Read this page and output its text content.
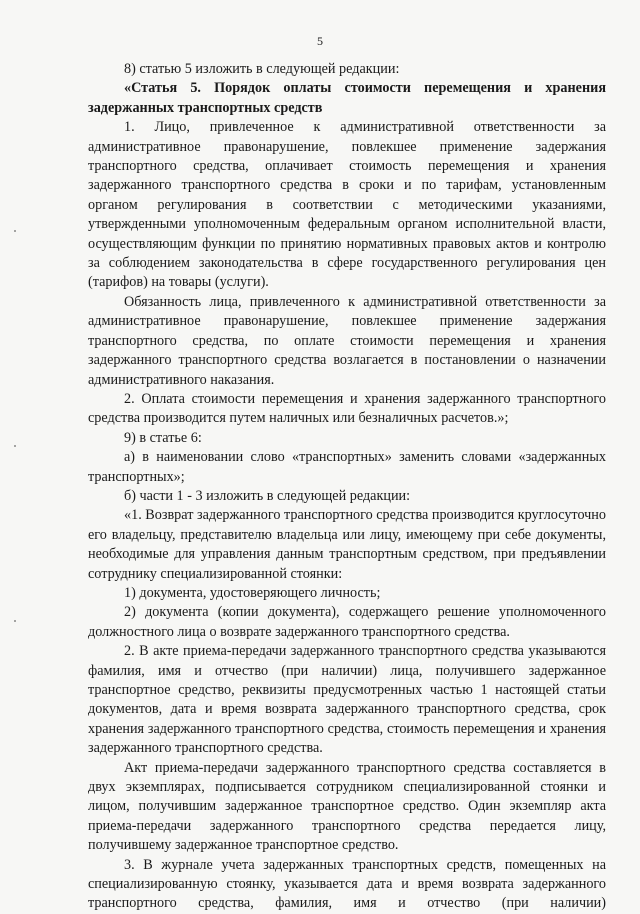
5

8) статью 5 изложить в следующей редакции:

«Статья 5. Порядок оплаты стоимости перемещения и хранения задержанных транспортных средств

1. Лицо, привлеченное к административной ответственности за административное правонарушение, повлекшее применение задержания транспортного средства, оплачивает стоимость перемещения и хранения задержанного транспортного средства в сроки и по тарифам, установленным органом регулирования в соответствии с методическими указаниями, утвержденными уполномоченным федеральным органом исполнительной власти, осуществляющим функции по принятию нормативных правовых актов и контролю за соблюдением законодательства в сфере государственного регулирования цен (тарифов) на товары (услуги).

Обязанность лица, привлеченного к административной ответственности за административное правонарушение, повлекшее применение задержания транспортного средства, по оплате стоимости перемещения и хранения задержанного транспортного средства возлагается в постановлении о назначении административного наказания.

2. Оплата стоимости перемещения и хранения задержанного транспортного средства производится путем наличных или безналичных расчетов.»;

9) в статье 6:

а) в наименовании слово «транспортных» заменить словами «задержанных транспортных»;

б) части 1 - 3 изложить в следующей редакции:

«1. Возврат задержанного транспортного средства производится круглосуточно его владельцу, представителю владельца или лицу, имеющему при себе документы, необходимые для управления данным транспортным средством, при предъявлении сотруднику специализированной стоянки:

1) документа, удостоверяющего личность;

2) документа (копии документа), содержащего решение уполномоченного должностного лица о возврате задержанного транспортного средства.

2. В акте приема-передачи задержанного транспортного средства указываются фамилия, имя и отчество (при наличии) лица, получившего задержанное транспортное средство, реквизиты предусмотренных частью 1 настоящей статьи документов, дата и время возврата задержанного транспортного средства, срок хранения задержанного транспортного средства, стоимость перемещения и хранения задержанного транспортного средства.

Акт приема-передачи задержанного транспортного средства составляется в двух экземплярах, подписывается сотрудником специализированной стоянки и лицом, получившим задержанное транспортное средство. Один экземпляр акта приема-передачи задержанного транспортного средства передается лицу, получившему задержанное транспортное средство.

3. В журнале учета задержанных транспортных средств, помещенных на специализированную стоянку, указывается дата и время возврата задержанного транспортного средства, фамилия, имя и отчество (при наличии)
